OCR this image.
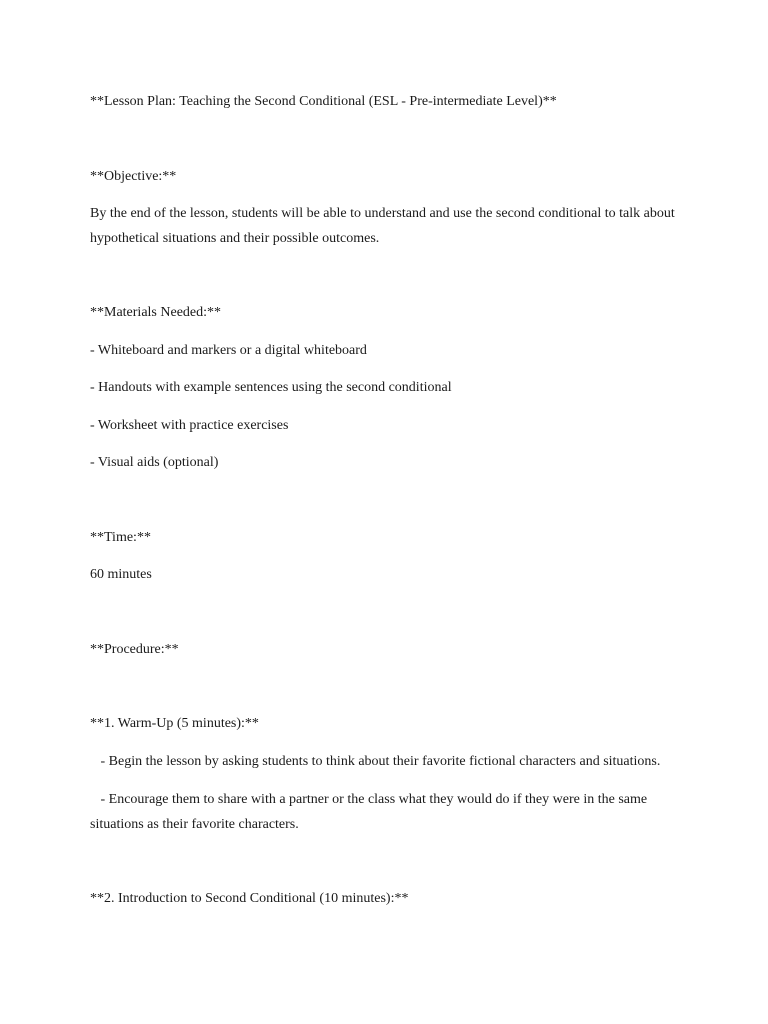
**Lesson Plan: Teaching the Second Conditional (ESL - Pre-intermediate Level)**

**Objective:**

By the end of the lesson, students will be able to understand and use the second conditional to talk about hypothetical situations and their possible outcomes.

**Materials Needed:**

- Whiteboard and markers or a digital whiteboard

- Handouts with example sentences using the second conditional

- Worksheet with practice exercises

- Visual aids (optional)

**Time:**

60 minutes

**Procedure:**

**1. Warm-Up (5 minutes):**

- Begin the lesson by asking students to think about their favorite fictional characters and situations.

- Encourage them to share with a partner or the class what they would do if they were in the same situations as their favorite characters.

**2. Introduction to Second Conditional (10 minutes):**
